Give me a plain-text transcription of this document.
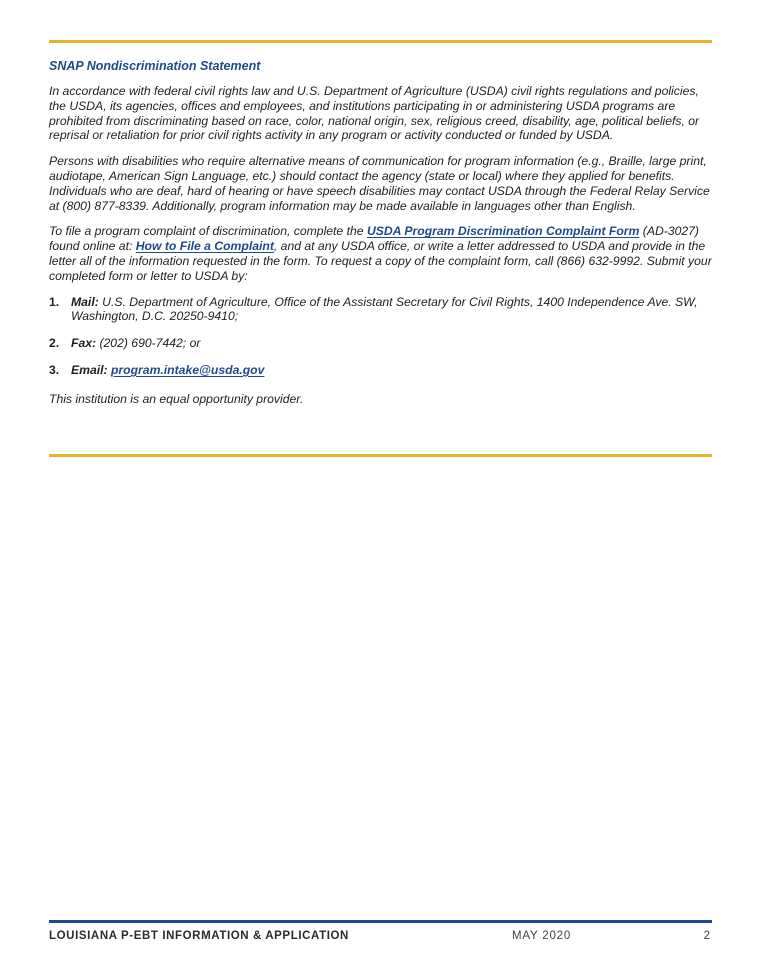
SNAP Nondiscrimination Statement

In accordance with federal civil rights law and U.S. Department of Agriculture (USDA) civil rights regulations and policies, the USDA, its agencies, offices and employees, and institutions participating in or administering USDA programs are prohibited from discriminating based on race, color, national origin, sex, religious creed, disability, age, political beliefs, or reprisal or retaliation for prior civil rights activity in any program or activity conducted or funded by USDA.

Persons with disabilities who require alternative means of communication for program information (e.g., Braille, large print, audiotape, American Sign Language, etc.) should contact the agency (state or local) where they applied for benefits. Individuals who are deaf, hard of hearing or have speech disabilities may contact USDA through the Federal Relay Service at (800) 877-8339. Additionally, program information may be made available in languages other than English.

To file a program complaint of discrimination, complete the USDA Program Discrimination Complaint Form (AD-3027) found online at: How to File a Complaint, and at any USDA office, or write a letter addressed to USDA and provide in the letter all of the information requested in the form. To request a copy of the complaint form, call (866) 632-9992. Submit your completed form or letter to USDA by:

1. Mail: U.S. Department of Agriculture, Office of the Assistant Secretary for Civil Rights, 1400 Independence Ave. SW, Washington, D.C. 20250-9410;
2. Fax: (202) 690-7442; or
3. Email: program.intake@usda.gov
This institution is an equal opportunity provider.
LOUISIANA P-EBT INFORMATION & APPLICATION	MAY 2020	2
